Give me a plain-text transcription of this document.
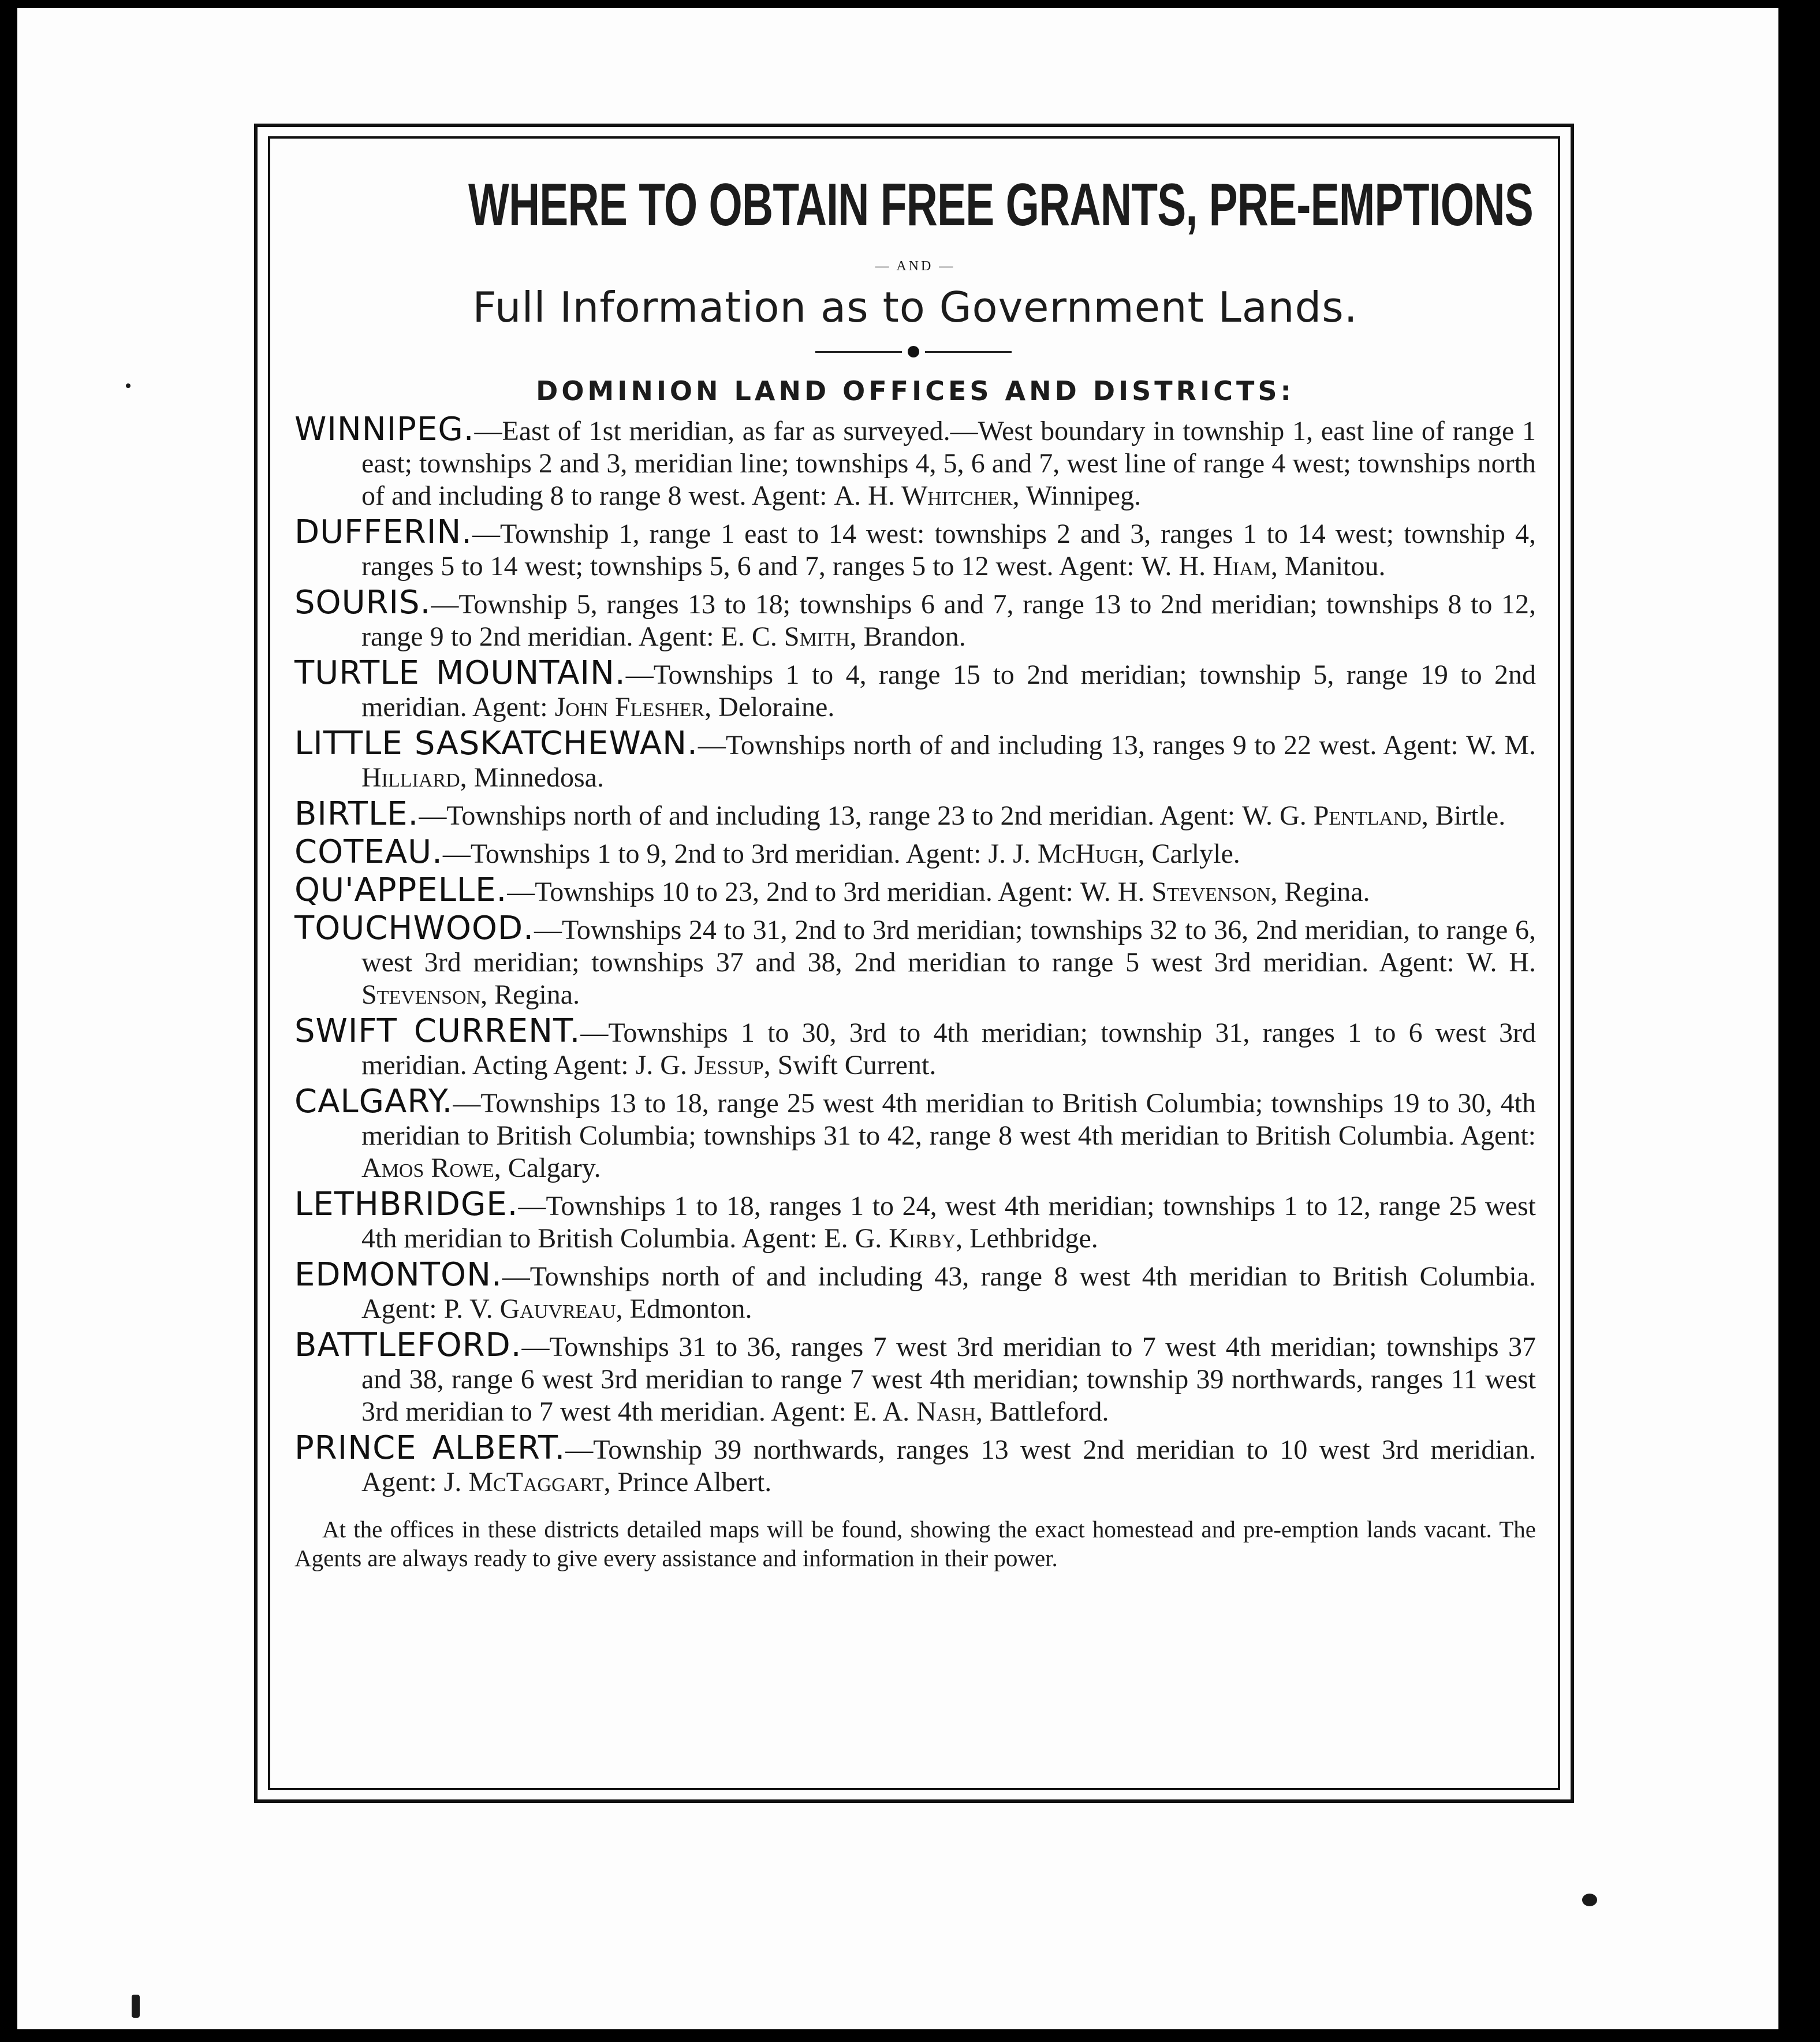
WHERE TO OBTAIN FREE GRANTS, PRE-EMPTIONS
— AND —
Full Information as to Government Lands.
DOMINION LAND OFFICES AND DISTRICTS:

WINNIPEG.—East of 1st meridian, as far as surveyed.—West boundary in township 1, east line of range 1 east; townships 2 and 3, meridian line; townships 4, 5, 6 and 7, west line of range 4 west; townships north of and including 8 to range 8 west. Agent: A. H. Whitcher, Winnipeg.

DUFFERIN.—Township 1, range 1 east to 14 west: townships 2 and 3, ranges 1 to 14 west; township 4, ranges 5 to 14 west; townships 5, 6 and 7, ranges 5 to 12 west. Agent: W. H. Hiam, Manitou.

SOURIS.—Township 5, ranges 13 to 18; townships 6 and 7, range 13 to 2nd meridian; townships 8 to 12, range 9 to 2nd meridian. Agent: E. C. Smith, Brandon.

TURTLE MOUNTAIN.—Townships 1 to 4, range 15 to 2nd meridian; township 5, range 19 to 2nd meridian. Agent: John Flesher, Deloraine.

LITTLE SASKATCHEWAN.—Townships north of and including 13, ranges 9 to 22 west. Agent: W. M. Hilliard, Minnedosa.

BIRTLE.—Townships north of and including 13, range 23 to 2nd meridian. Agent: W. G. Pentland, Birtle.

COTEAU.—Townships 1 to 9, 2nd to 3rd meridian. Agent: J. J. McHugh, Carlyle.

QU'APPELLE.—Townships 10 to 23, 2nd to 3rd meridian. Agent: W. H. Stevenson, Regina.

TOUCHWOOD.—Townships 24 to 31, 2nd to 3rd meridian; townships 32 to 36, 2nd meridian, to range 6, west 3rd meridian; townships 37 and 38, 2nd meridian to range 5 west 3rd meridian. Agent: W. H. Stevenson, Regina.

SWIFT CURRENT.—Townships 1 to 30, 3rd to 4th meridian; township 31, ranges 1 to 6 west 3rd meridian. Acting Agent: J. G. Jessup, Swift Current.

CALGARY.—Townships 13 to 18, range 25 west 4th meridian to British Columbia; townships 19 to 30, 4th meridian to British Columbia; townships 31 to 42, range 8 west 4th meridian to British Columbia. Agent: Amos Rowe, Calgary.

LETHBRIDGE.—Townships 1 to 18, ranges 1 to 24, west 4th meridian; townships 1 to 12, range 25 west 4th meridian to British Columbia. Agent: E. G. Kirby, Lethbridge.

EDMONTON.—Townships north of and including 43, range 8 west 4th meridian to British Columbia. Agent: P. V. Gauvreau, Edmonton.

BATTLEFORD.—Townships 31 to 36, ranges 7 west 3rd meridian to 7 west 4th meridian; townships 37 and 38, range 6 west 3rd meridian to range 7 west 4th meridian; township 39 northwards, ranges 11 west 3rd meridian to 7 west 4th meridian. Agent: E. A. Nash, Battleford.

PRINCE ALBERT.—Township 39 northwards, ranges 13 west 2nd meridian to 10 west 3rd meridian. Agent: J. McTaggart, Prince Albert.

At the offices in these districts detailed maps will be found, showing the exact homestead and pre-emption lands vacant. The Agents are always ready to give every assistance and information in their power.
